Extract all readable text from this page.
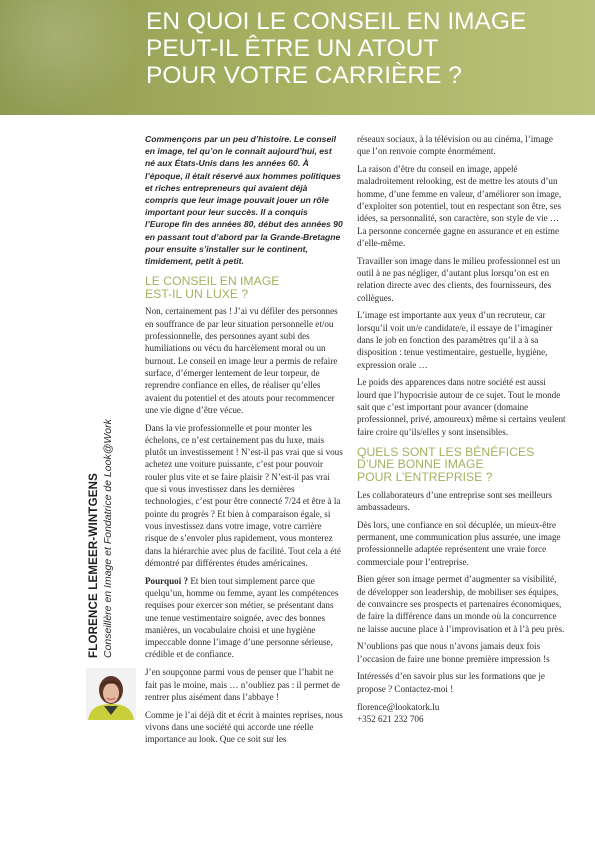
EN QUOI LE CONSEIL EN IMAGE
PEUT-IL ÊTRE UN ATOUT
POUR VOTRE CARRIÈRE ?
FLORENCE LEMEER-WINTGENS Conseillère en Image et Fondatrice de Look@Work

Commençons par un peu d’histoire. Le conseil en image, tel qu’on le connaît aujourd’hui, est né aux États-Unis dans les années 60. À l’époque, il était réservé aux hommes politiques et riches entrepreneurs qui avaient déjà compris que leur image pouvait jouer un rôle important pour leur succès. Il a conquis l’Europe fin des années 80, début des années 90 en passant tout d’abord par la Grande-Bretagne pour ensuite s’installer sur le continent, timidement, petit à petit.

LE CONSEIL EN IMAGE
EST-IL UN LUXE ?

Non, certainement pas ! J’ai vu défiler des personnes en souffrance de par leur situation personnelle et/ou professionnelle, des personnes ayant subi des humiliations ou vécu du harcèlement moral ou un burnout. Le conseil en image leur a permis de refaire surface, d’émerger lentement de leur torpeur, de reprendre confiance en elles, de réaliser qu’elles avaient du potentiel et des atouts pour recommencer une vie digne d’être vécue.

Dans la vie professionnelle et pour monter les échelons, ce n’est certainement pas du luxe, mais plutôt un investissement ! N’est-il pas vrai que si vous achetez une voiture puissante, c’est pour pouvoir rouler plus vite et se faire plaisir ? N’est-il pas vrai que si vous investissez dans les dernières technologies, c’est pour être connecté 7/24 et être à la pointe du progrès ? Et bien à comparaison égale, si vous investissez dans votre image, votre carrière risque de s’envoler plus rapidement, vous monterez dans la hiérarchie avec plus de facilité. Tout cela a été démontré par différentes études américaines.

Pourquoi ? Et bien tout simplement parce que quelqu’un, homme ou femme, ayant les compétences requises pour exercer son métier, se présentant dans une tenue vestimentaire soignée, avec des bonnes manières, un vocabulaire choisi et une hygiène impeccable donne l’image d’une personne sérieuse, crédible et de confiance.

J’en soupçonne parmi vous de penser que l’habit ne fait pas le moine, mais … n’oubliez pas : il permet de rentrer plus aisément dans l’abbaye !

Comme je l’ai déjà dit et écrit à maintes reprises, nous vivons dans une société qui accorde une réelle importance au look. Que ce soit sur les

réseaux sociaux, à la télévision ou au cinéma, l’image que l’on renvoie compte énormément.

La raison d’être du conseil en image, appelé maladroitement relooking, est de mettre les atouts d’un homme, d’une femme en valeur, d’améliorer son image, d’exploiter son potentiel, tout en respectant son être, ses idées, sa personnalité, son caractère, son style de vie … La personne concernée gagne en assurance et en estime d’elle-même.

Travailler son image dans le milieu professionnel est un outil à ne pas négliger, d’autant plus lorsqu’on est en relation directe avec des clients, des fournisseurs, des collègues.

L’image est importante aux yeux d’un recruteur, car lorsqu’il voit un/e candidate/e, il essaye de l’imaginer dans le job en fonction des paramètres qu’il a à sa disposition : tenue vestimentaire, gestuelle, hygiène, expression orale …

Le poids des apparences dans notre société est aussi lourd que l’hypocrisie autour de ce sujet. Tout le monde sait que c’est important pour avancer (domaine professionnel, privé, amoureux) même si certains veulent faire croire qu’ils/elles y sont insensibles.

QUELS SONT LES BÉNÉFICES
D’UNE BONNE IMAGE
POUR L’ENTREPRISE ?

Les collaborateurs d’une entreprise sont ses meilleurs ambassadeurs.

Dès lors, une confiance en soi décuplée, un mieux-être permanent, une communication plus assurée, une image professionnelle adaptée représentent une vraie force commerciale pour l’entreprise.

Bien gérer son image permet d’augmenter sa visibilité, de développer son leadership, de mobiliser ses équipes, de convaincre ses prospects et partenaires économiques, de faire la différence dans un monde où la concurrence ne laisse aucune place à l’improvisation et à l’à peu près.

N’oublions pas que nous n’avons jamais deux fois l’occasion de faire une bonne première impression !s

Intéressés d’en savoir plus sur les formations que je propose ? Contactez-moi !

florence@lookatork.lu
+352 621 232 706
